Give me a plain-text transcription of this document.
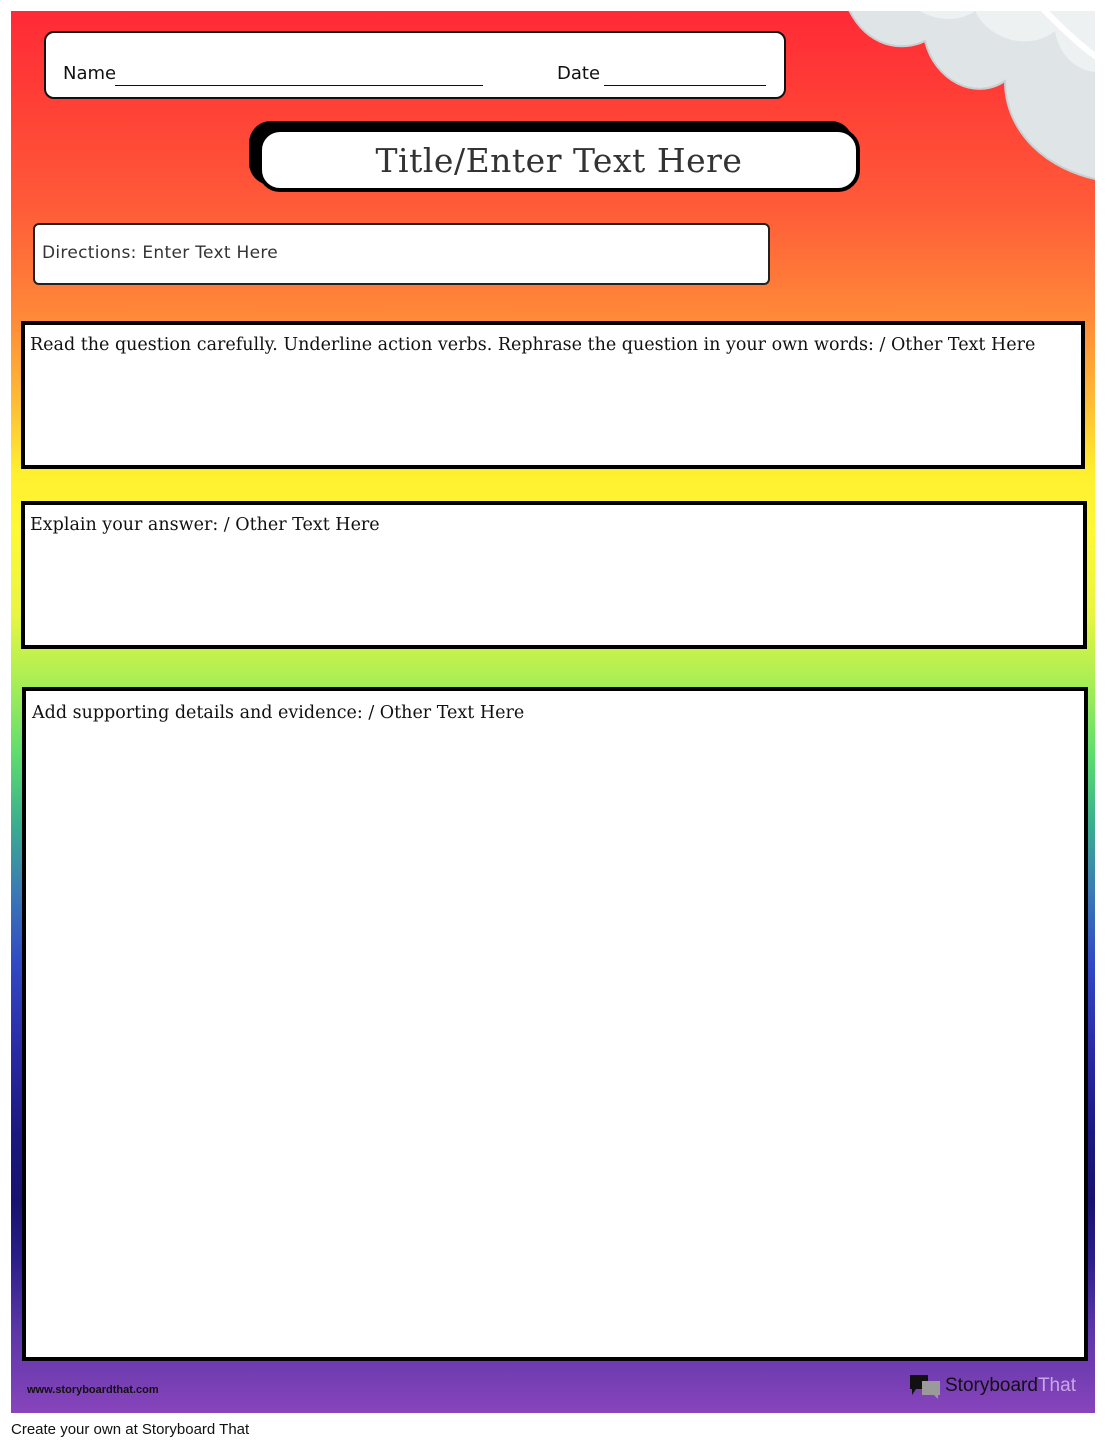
Name	Date
Title/Enter Text Here
Directions: Enter Text Here
Read the question carefully. Underline action verbs. Rephrase the question in your own words: / Other Text Here
Explain your answer: / Other Text Here
Add supporting details and evidence: / Other Text Here
www.storyboardthat.com	Storyboard That
Create your own at Storyboard That
